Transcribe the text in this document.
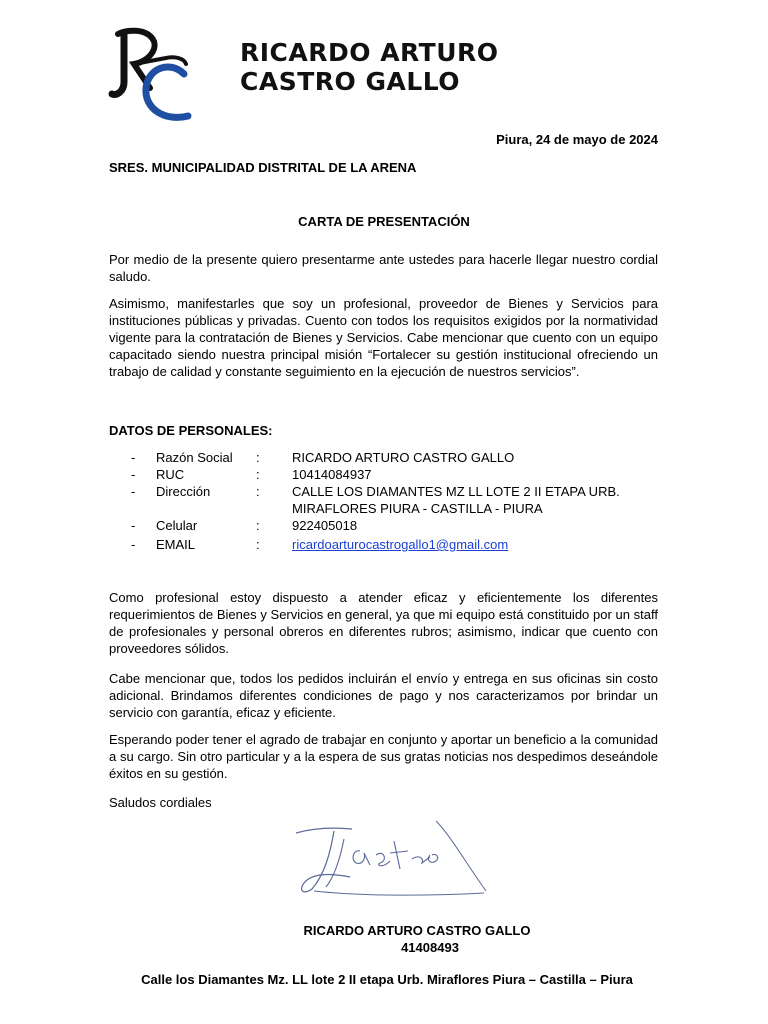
RICARDO ARTURO
CASTRO GALLO
Piura, 24 de mayo de 2024
SRES. MUNICIPALIDAD DISTRITAL DE LA ARENA
CARTA DE PRESENTACIÓN
Por medio de la presente quiero presentarme ante ustedes para hacerle llegar nuestro cordial saludo.
Asimismo, manifestarles que soy un profesional, proveedor de Bienes y Servicios para instituciones públicas y privadas. Cuento con todos los requisitos exigidos por la normatividad vigente para la contratación de Bienes y Servicios. Cabe mencionar que cuento con un equipo capacitado siendo nuestra principal misión “Fortalecer su gestión institucional ofreciendo un trabajo de calidad y constante seguimiento en la ejecución de nuestros servicios”.
DATOS DE PERSONALES:
- Razón Social : RICARDO ARTURO CASTRO GALLO
- RUC	: 10414084937
- Dirección	: CALLE LOS DIAMANTES MZ LL LOTE 2 II ETAPA URB. MIRAFLORES PIURA - CASTILLA - PIURA
- Celular	: 922405018
- EMAIL	: ricardoarturocastrogallo1@gmail.com
Como profesional estoy dispuesto a atender eficaz y eficientemente los diferentes requerimientos de Bienes y Servicios en general, ya que mi equipo está constituido por un staff de profesionales y personal obreros en diferentes rubros; asimismo, indicar que cuento con proveedores sólidos.
Cabe mencionar que, todos los pedidos incluirán el envío y entrega en sus oficinas sin costo adicional. Brindamos diferentes condiciones de pago y nos caracterizamos por brindar un servicio con garantía, eficaz y eficiente.
Esperando poder tener el agrado de trabajar en conjunto y aportar un beneficio a la comunidad a su cargo. Sin otro particular y a la espera de sus gratas noticias nos despedimos deseándole éxitos en su gestión.
Saludos cordiales
RICARDO ARTURO CASTRO GALLO
41408493
Calle los Diamantes Mz. LL lote 2 II etapa Urb. Miraflores Piura – Castilla – Piura
